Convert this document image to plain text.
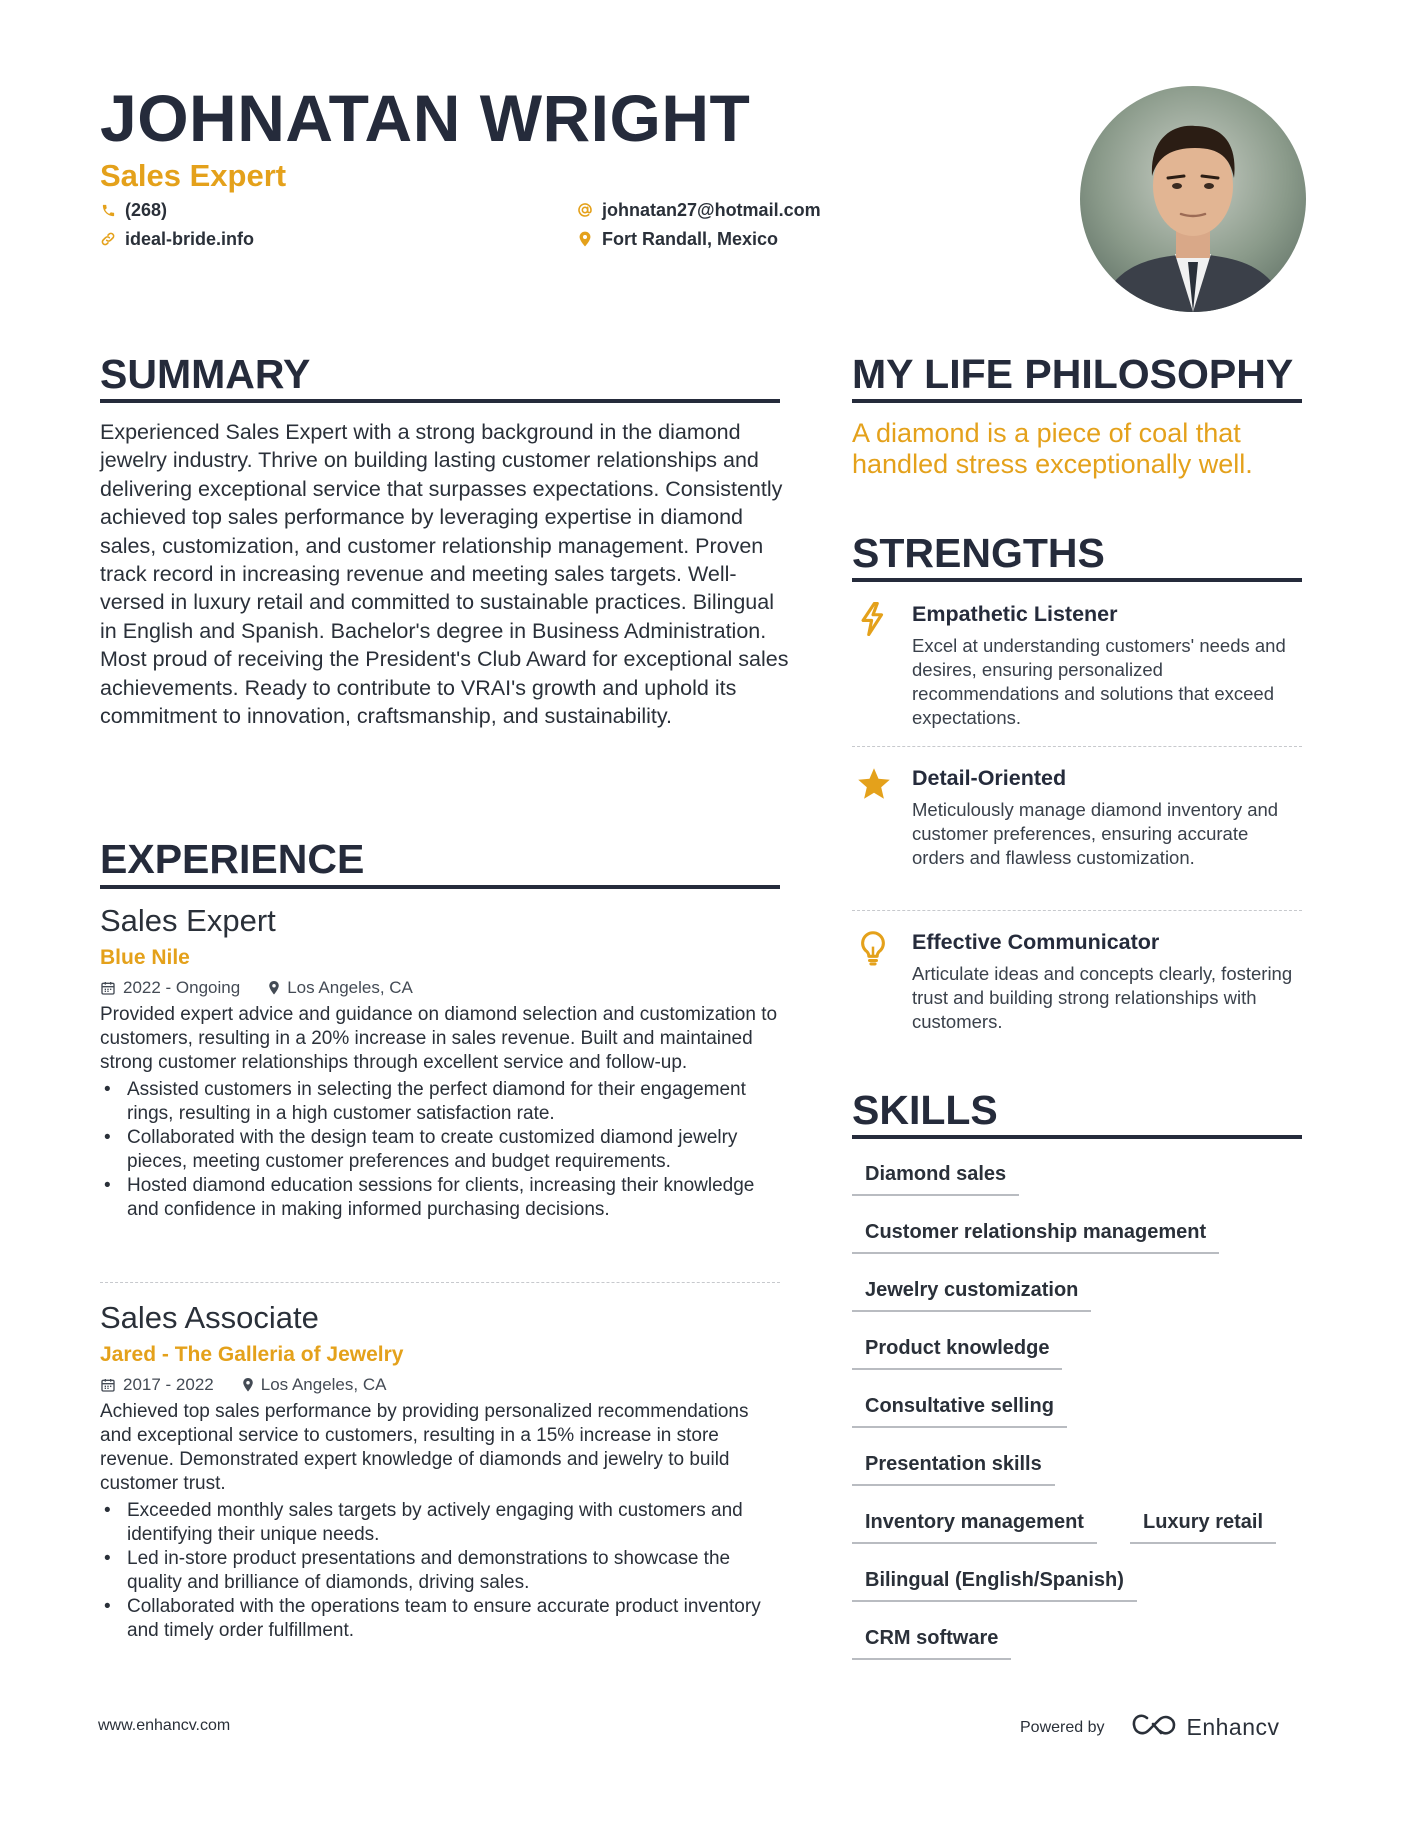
JOHNATAN WRIGHT
Sales Expert
(268)
ideal-bride.info
johnatan27@hotmail.com
Fort Randall, Mexico
SUMMARY
Experienced Sales Expert with a strong background in the diamond jewelry industry. Thrive on building lasting customer relationships and delivering exceptional service that surpasses expectations. Consistently achieved top sales performance by leveraging expertise in diamond sales, customization, and customer relationship management. Proven track record in increasing revenue and meeting sales targets. Well-versed in luxury retail and committed to sustainable practices. Bilingual in English and Spanish. Bachelor's degree in Business Administration. Most proud of receiving the President's Club Award for exceptional sales achievements. Ready to contribute to VRAI's growth and uphold its commitment to innovation, craftsmanship, and sustainability.
EXPERIENCE
Sales Expert
Blue Nile
2022 - Ongoing	Los Angeles, CA
Provided expert advice and guidance on diamond selection and customization to customers, resulting in a 20% increase in sales revenue. Built and maintained strong customer relationships through excellent service and follow-up.
• Assisted customers in selecting the perfect diamond for their engagement rings, resulting in a high customer satisfaction rate.
• Collaborated with the design team to create customized diamond jewelry pieces, meeting customer preferences and budget requirements.
• Hosted diamond education sessions for clients, increasing their knowledge and confidence in making informed purchasing decisions.
Sales Associate
Jared - The Galleria of Jewelry
2017 - 2022	Los Angeles, CA
Achieved top sales performance by providing personalized recommendations and exceptional service to customers, resulting in a 15% increase in store revenue. Demonstrated expert knowledge of diamonds and jewelry to build customer trust.
• Exceeded monthly sales targets by actively engaging with customers and identifying their unique needs.
• Led in-store product presentations and demonstrations to showcase the quality and brilliance of diamonds, driving sales.
• Collaborated with the operations team to ensure accurate product inventory and timely order fulfillment.
MY LIFE PHILOSOPHY
A diamond is a piece of coal that handled stress exceptionally well.
STRENGTHS
Empathetic Listener
Excel at understanding customers' needs and desires, ensuring personalized recommendations and solutions that exceed expectations.
Detail-Oriented
Meticulously manage diamond inventory and customer preferences, ensuring accurate orders and flawless customization.
Effective Communicator
Articulate ideas and concepts clearly, fostering trust and building strong relationships with customers.
SKILLS
Diamond sales
Customer relationship management
Jewelry customization
Product knowledge
Consultative selling
Presentation skills
Inventory management	Luxury retail
Bilingual (English/Spanish)
CRM software
www.enhancv.com	Powered by	Enhancv
